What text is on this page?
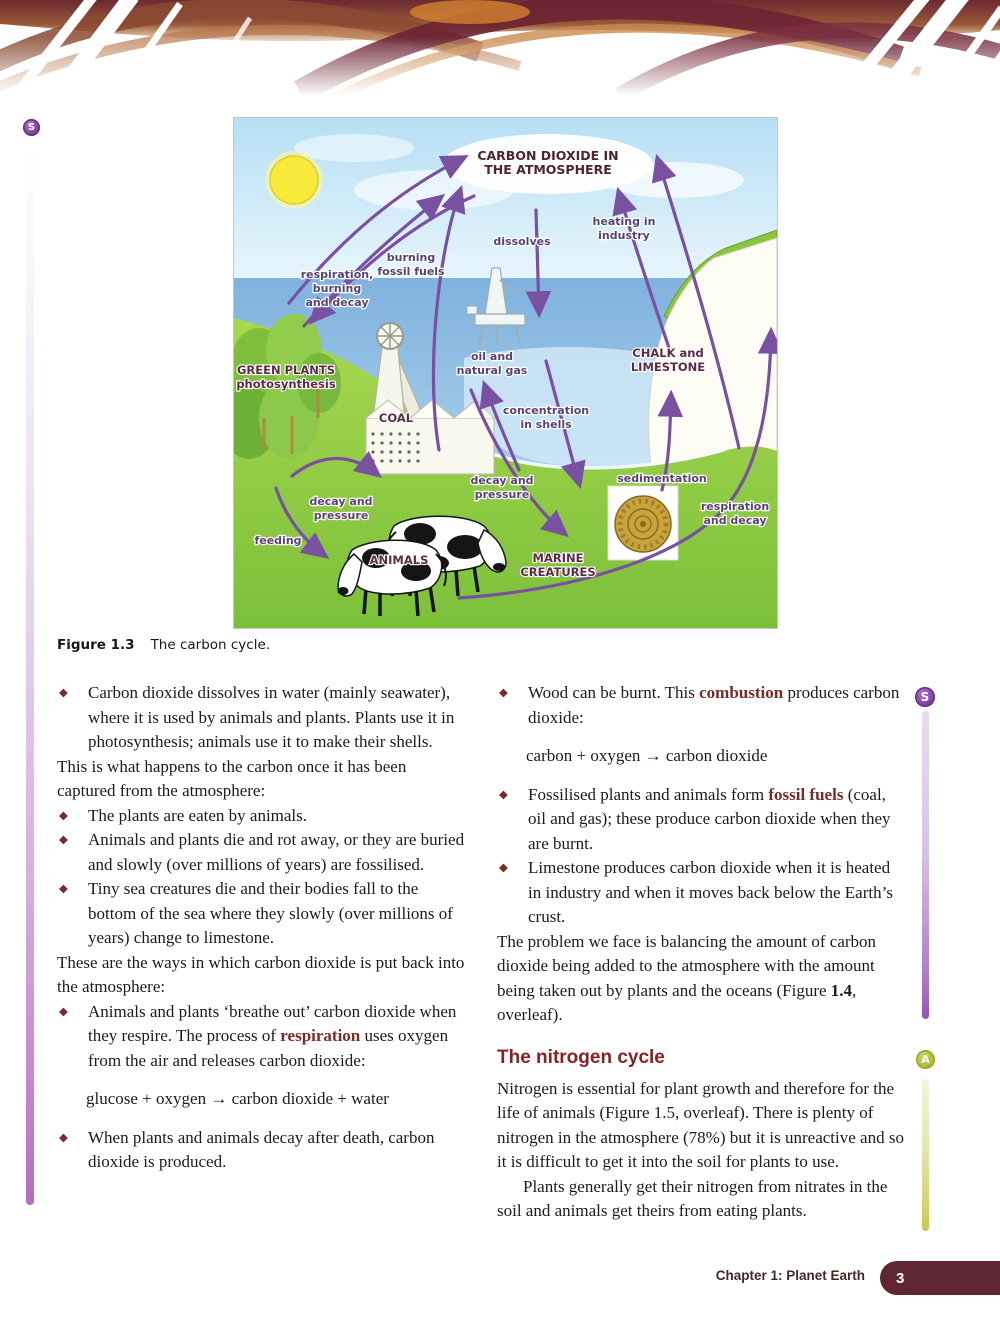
S
CARBON DIOXIDE IN THE ATMOSPHERE
respiration, burning and decay
burning fossil fuels
dissolves
heating in industry
GREEN PLANTS photosynthesis
oil and natural gas
CHALK and LIMESTONE
COAL
concentration in shells
decay and pressure
decay and pressure
feeding
ANIMALS	MARINE CREATURES
sedimentation
respiration and decay
Figure 1.3 The carbon cycle.
◆	Carbon dioxide dissolves in water (mainly seawater), where it is used by animals and plants. Plants use it in photosynthesis; animals use it to make their shells.
This is what happens to the carbon once it has been captured from the atmosphere:
◆	The plants are eaten by animals.
◆	Animals and plants die and rot away, or they are buried and slowly (over millions of years) are fossilised.
◆	Tiny sea creatures die and their bodies fall to the bottom of the sea where they slowly (over millions of years) change to limestone.
These are the ways in which carbon dioxide is put back into the atmosphere:
◆	Animals and plants ‘breathe out’ carbon dioxide when they respire. The process of respiration uses oxygen from the air and releases carbon dioxide:
glucose + oxygen → carbon dioxide + water
◆	When plants and animals decay after death, carbon dioxide is produced.
◆	Wood can be burnt. This combustion produces carbon dioxide:
carbon + oxygen → carbon dioxide
◆	Fossilised plants and animals form fossil fuels (coal, oil and gas); these produce carbon dioxide when they are burnt.
◆	Limestone produces carbon dioxide when it is heated in industry and when it moves back below the Earth’s crust.
The problem we face is balancing the amount of carbon dioxide being added to the atmosphere with the amount being taken out by plants and the oceans (Figure 1.4, overleaf).
The nitrogen cycle
Nitrogen is essential for plant growth and therefore for the life of animals (Figure 1.5, overleaf). There is plenty of nitrogen in the atmosphere (78%) but it is unreactive and so it is difficult to get it into the soil for plants to use.
Plants generally get their nitrogen from nitrates in the soil and animals get theirs from eating plants.
S
A
Chapter 1: Planet Earth 3
